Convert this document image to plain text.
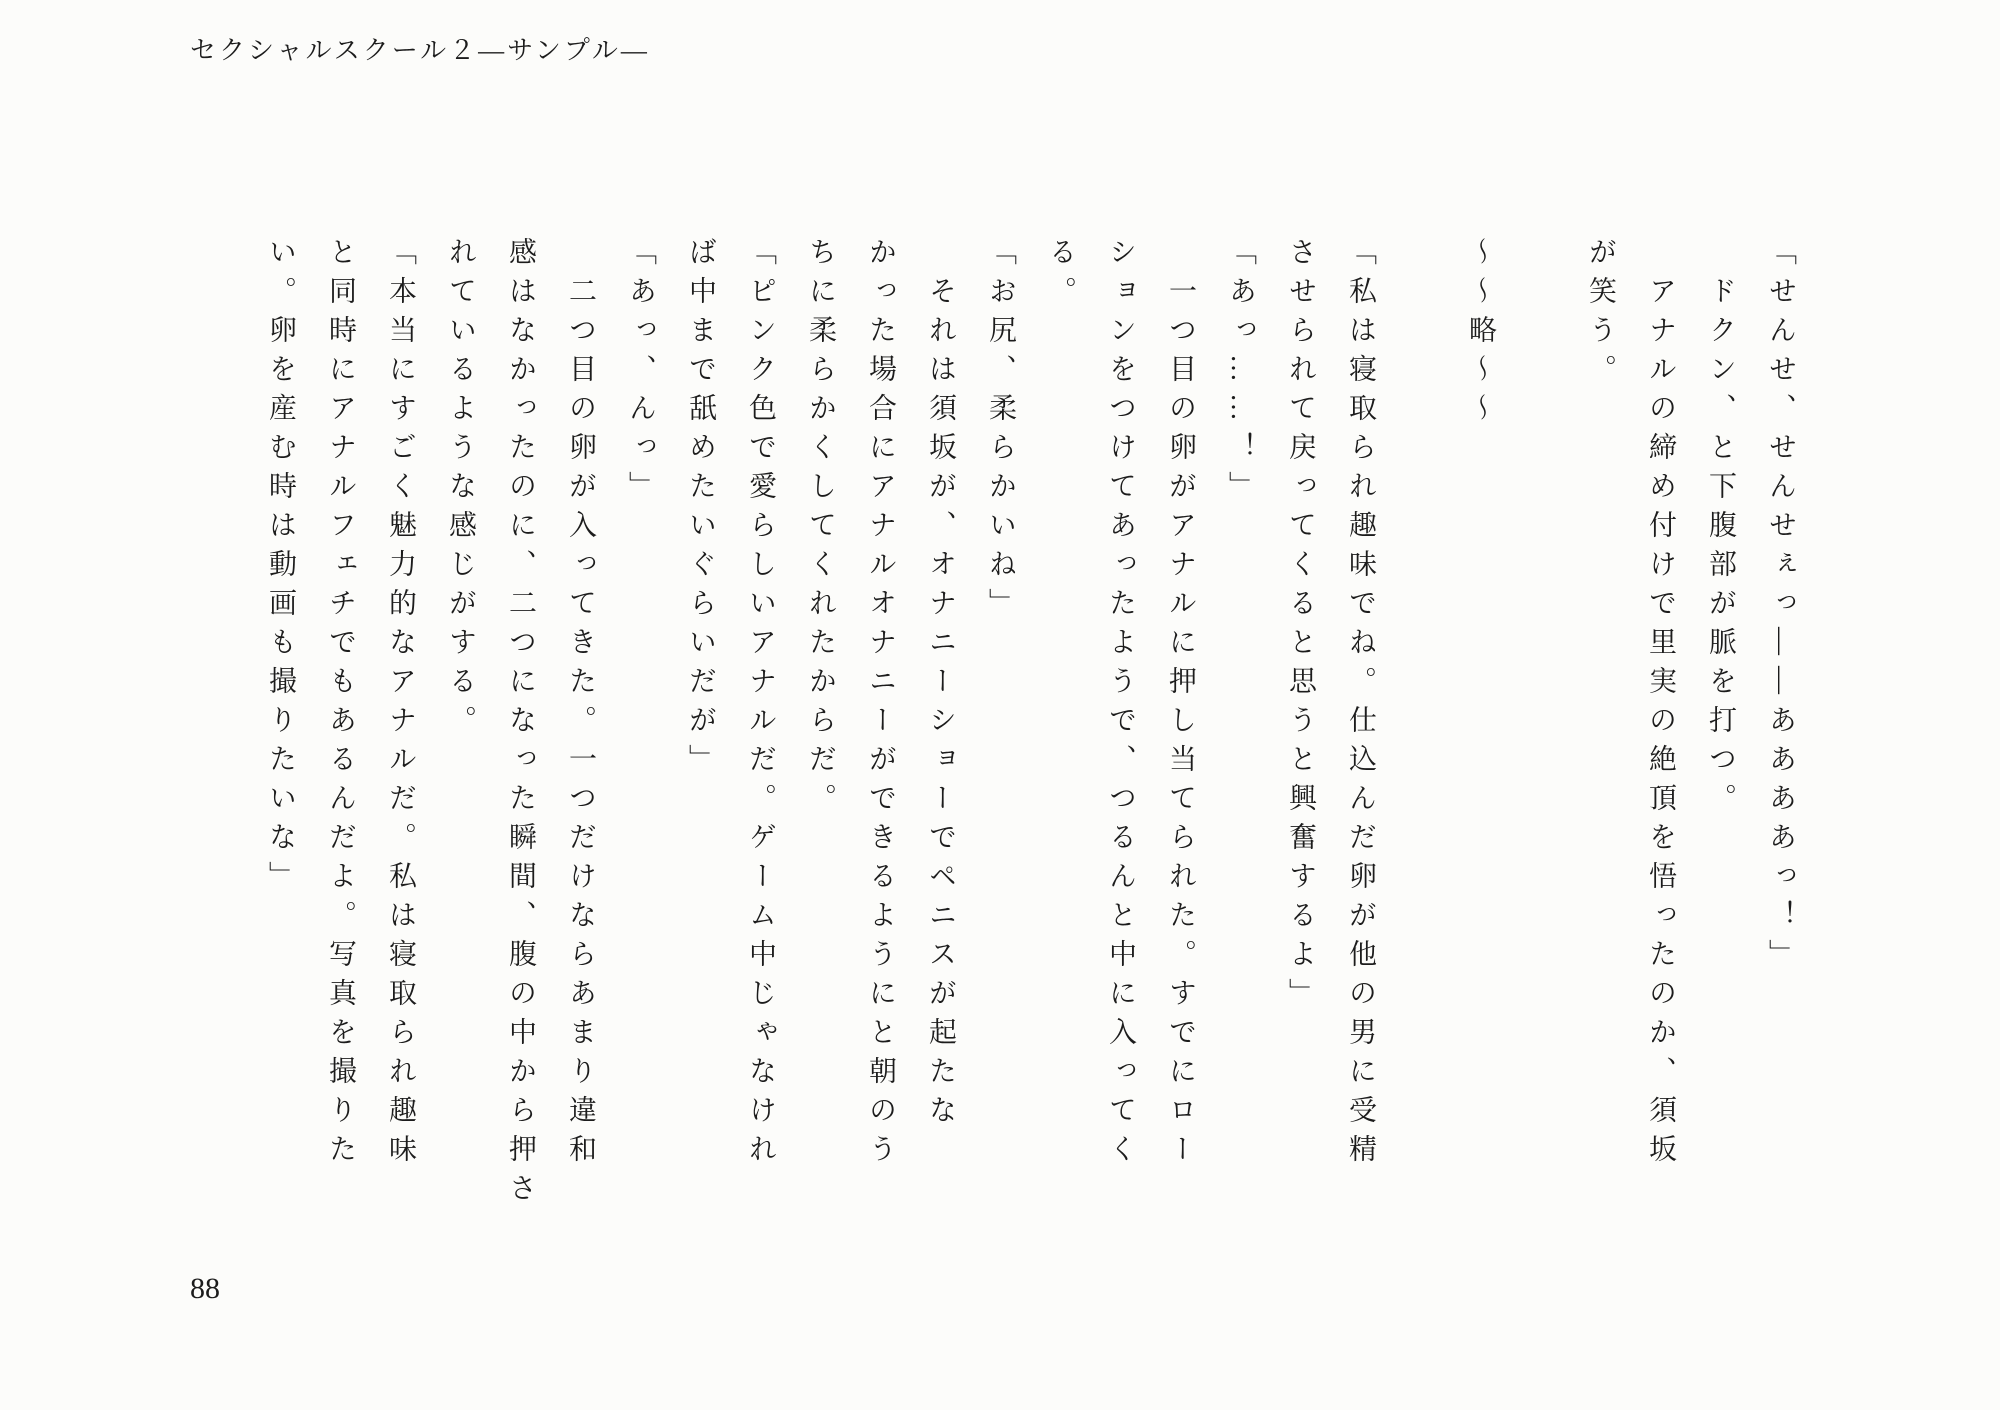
セクシャルスクール２―サンプル―

「せんせ、せんせぇっ――ああああっ！」

ドクン、と下腹部が脈を打つ。

アナルの締め付けで里実の絶頂を悟ったのか、須坂
が笑う。

〜〜略〜〜

「私は寝取られ趣味でね。仕込んだ卵が他の男に受精
させられて戻ってくると思うと興奮するよ」

「あっ……！」

一つ目の卵がアナルに押し当てられた。すでにロー
ションをつけてあったようで、つるんと中に入ってく
る。

「お尻、柔らかいね」

それは須坂が、オナニーショーでペニスが起たな
かった場合にアナルオナニーができるようにと朝のう
ちに柔らかくしてくれたからだ。

「ピンク色で愛らしいアナルだ。ゲーム中じゃなけれ
ば中まで舐めたいぐらいだが」

「あっ、んっ」

二つ目の卵が入ってきた。一つだけならあまり違和
感はなかったのに、二つになった瞬間、腹の中から押さ
れているような感じがする。

「本当にすごく魅力的なアナルだ。私は寝取られ趣味
と同時にアナルフェチでもあるんだよ。写真を撮りた
い。卵を産む時は動画も撮りたいな」

88
